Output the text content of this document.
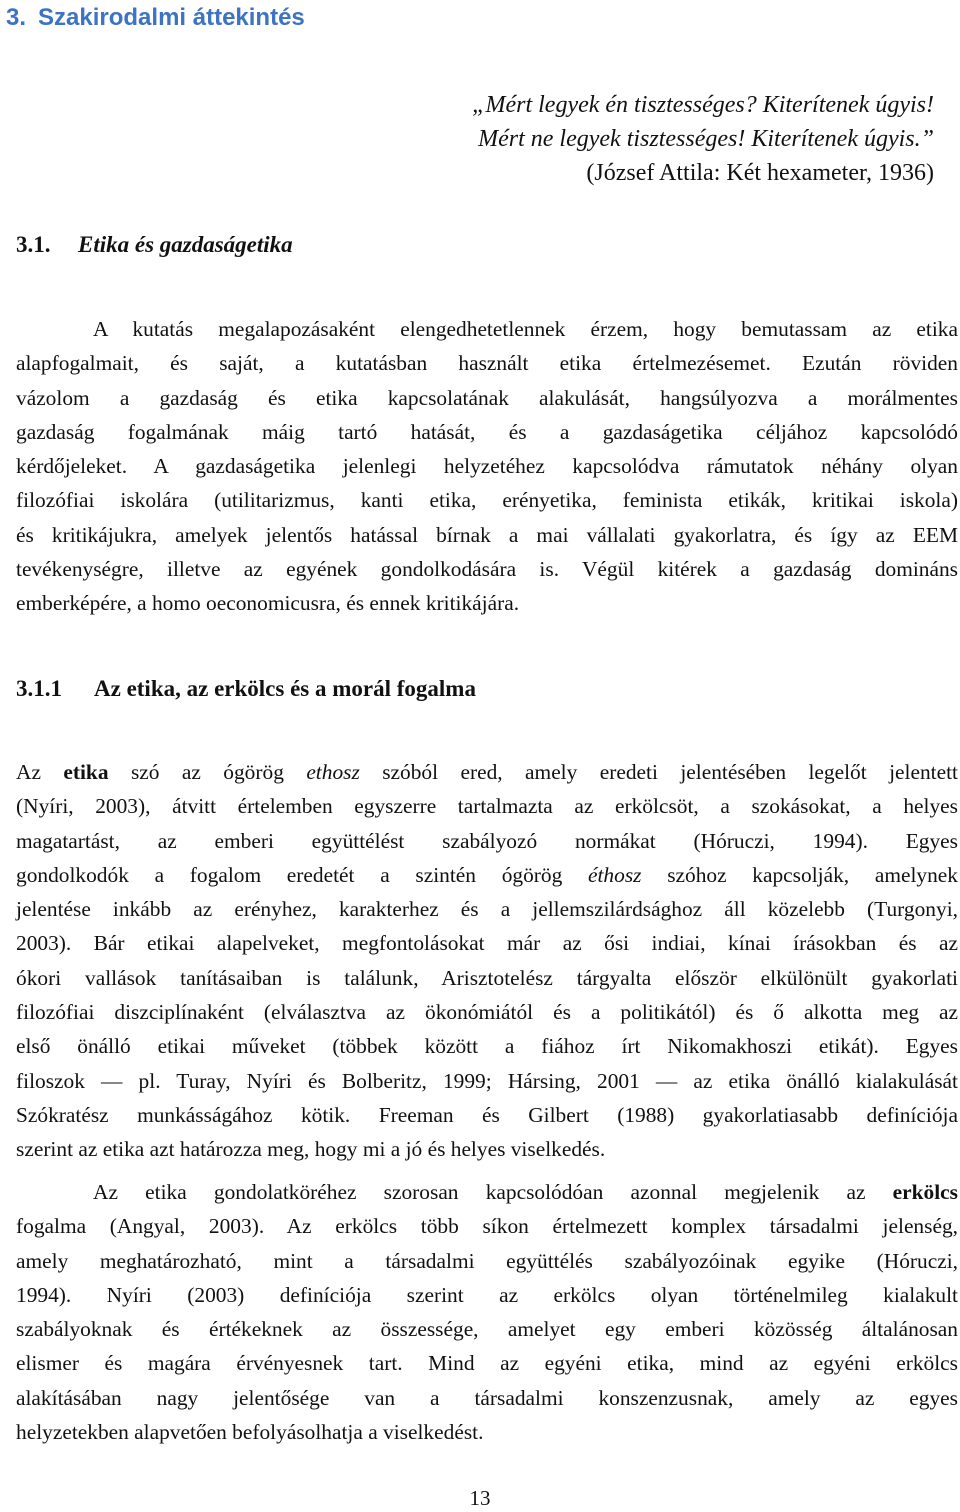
3. Szakirodalmi áttekintés
„Mért legyek én tisztességes? Kiterítenek úgyis!
Mért ne legyek tisztességes! Kiterítenek úgyis.”
(József Attila: Két hexameter, 1936)
3.1. Etika és gazdaságetika

A kutatás megalapozásaként elengedhetetlennek érzem, hogy bemutassam az etika
alapfogalmait, és saját, a kutatásban használt etika értelmezésemet. Ezután röviden
vázolom a gazdaság és etika kapcsolatának alakulását, hangsúlyozva a morálmentes
gazdaság fogalmának máig tartó hatását, és a gazdaságetika céljához kapcsolódó
kérdőjeleket. A gazdaságetika jelenlegi helyzetéhez kapcsolódva rámutatok néhány olyan
filozófiai iskolára (utilitarizmus, kanti etika, erényetika, feminista etikák, kritikai iskola)
és kritikájukra, amelyek jelentős hatással bírnak a mai vállalati gyakorlatra, és így az EEM
tevékenységre, illetve az egyének gondolkodására is. Végül kitérek a gazdaság domináns
emberképére, a homo oeconomicusra, és ennek kritikájára.

3.1.1 Az etika, az erkölcs és a morál fogalma

Az etika szó az ógörög ethosz szóból ered, amely eredeti jelentésében legelőt jelentett
(Nyíri, 2003), átvitt értelemben egyszerre tartalmazta az erkölcsöt, a szokásokat, a helyes
magatartást, az emberi együttélést szabályozó normákat (Hóruczi, 1994). Egyes
gondolkodók a fogalom eredetét a szintén ógörög éthosz szóhoz kapcsolják, amelynek
jelentése inkább az erényhez, karakterhez és a jellemszilárdsághoz áll közelebb (Turgonyi,
2003). Bár etikai alapelveket, megfontolásokat már az ősi indiai, kínai írásokban és az
ókori vallások tanításaiban is találunk, Arisztotelész tárgyalta először elkülönült gyakorlati
filozófiai diszciplínaként (elválasztva az ökonómiától és a politikától) és ő alkotta meg az
első önálló etikai műveket (többek között a fiához írt Nikomakhoszi etikát). Egyes
filoszok — pl. Turay, Nyíri és Bolberitz, 1999; Hársing, 2001 — az etika önálló kialakulását
Szókratész munkásságához kötik. Freeman és Gilbert (1988) gyakorlatiasabb definíciója
szerint az etika azt határozza meg, hogy mi a jó és helyes viselkedés.

Az etika gondolatköréhez szorosan kapcsolódóan azonnal megjelenik az erkölcs
fogalma (Angyal, 2003). Az erkölcs több síkon értelmezett komplex társadalmi jelenség,
amely meghatározható, mint a társadalmi együttélés szabályozóinak egyike (Hóruczi,
1994). Nyíri (2003) definíciója szerint az erkölcs olyan történelmileg kialakult
szabályoknak és értékeknek az összessége, amelyet egy emberi közösség általánosan
elismer és magára érvényesnek tart. Mind az egyéni etika, mind az egyéni erkölcs
alakításában nagy jelentősége van a társadalmi konszenzusnak, amely az egyes
helyzetekben alapvetően befolyásolhatja a viselkedést.

13
